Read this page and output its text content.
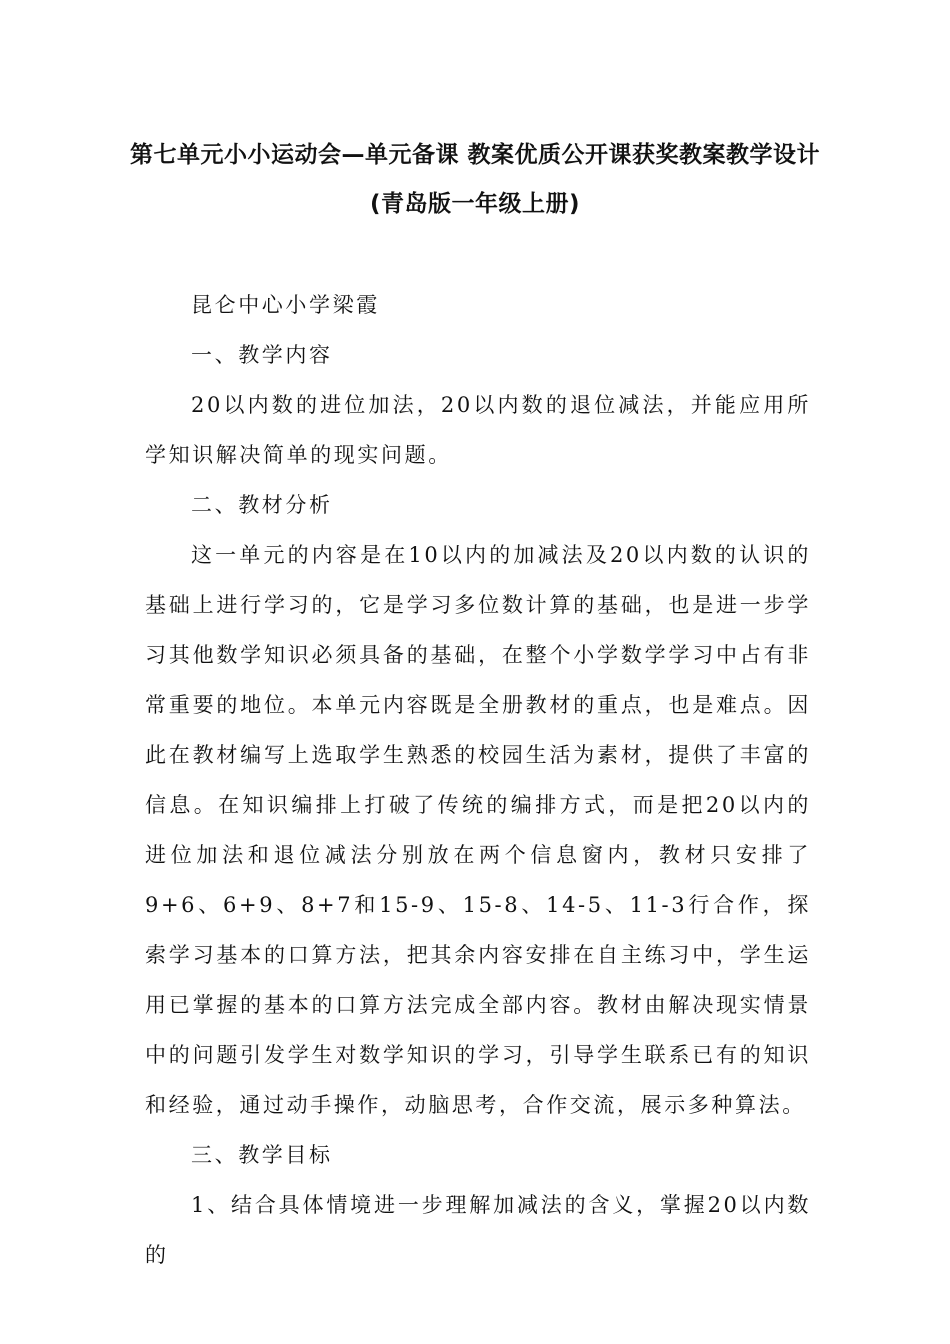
第七单元小小运动会—单元备课 教案优质公开课获奖教案教学设计
(青岛版一年级上册)

昆仑中心小学梁霞

一、教学内容

20以内数的进位加法，20以内数的退位减法，并能应用所学知识解决简单的现实问题。

二、教材分析

这一单元的内容是在10以内的加减法及20以内数的认识的基础上进行学习的，它是学习多位数计算的基础，也是进一步学习其他数学知识必须具备的基础，在整个小学数学学习中占有非常重要的地位。本单元内容既是全册教材的重点，也是难点。因此在教材编写上选取学生熟悉的校园生活为素材，提供了丰富的信息。在知识编排上打破了传统的编排方式，而是把20以内的进位加法和退位减法分别放在两个信息窗内，教材只安排了9+6、6+9、8+7和15-9、15-8、14-5、11-3行合作，探索学习基本的口算方法，把其余内容安排在自主练习中，学生运用已掌握的基本的口算方法完成全部内容。教材由解决现实情景中的问题引发学生对数学知识的学习，引导学生联系已有的知识和经验，通过动手操作，动脑思考，合作交流，展示多种算法。

三、教学目标

1、结合具体情境进一步理解加减法的含义，掌握20以内数的
